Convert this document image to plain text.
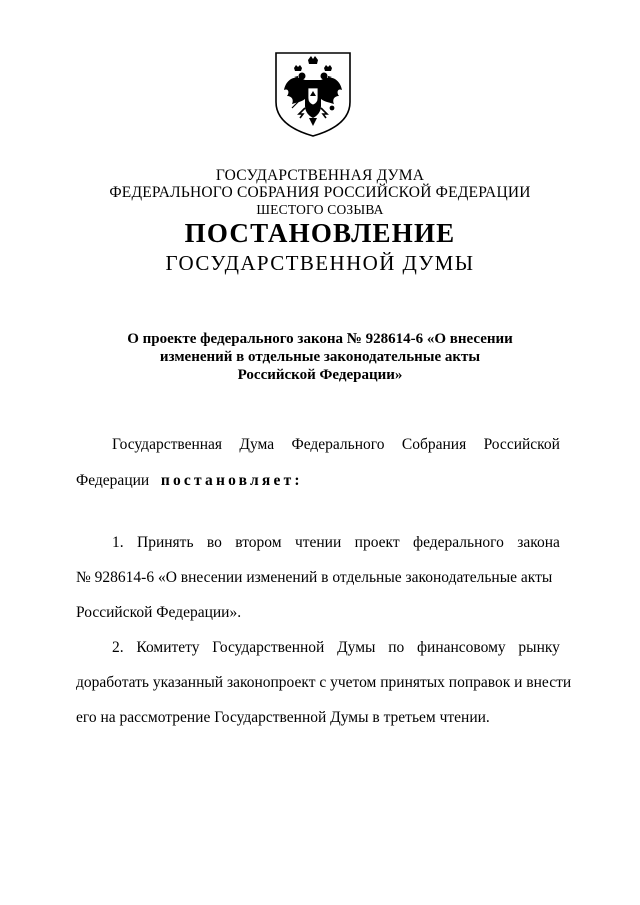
ГОСУДАРСТВЕННАЯ ДУМА
ФЕДЕРАЛЬНОГО СОБРАНИЯ РОССИЙСКОЙ ФЕДЕРАЦИИ
ШЕСТОГО СОЗЫВА
ПОСТАНОВЛЕНИЕ
ГОСУДАРСТВЕННОЙ ДУМЫ
О проекте федерального закона № 928614-6 «О внесении
изменений в отдельные законодательные акты
Российской Федерации»
Государственная Дума Федерального Собрания Российской
Федерации постановляет:
1. Принять во втором чтении проект федерального закона
№ 928614-6 «О внесении изменений в отдельные законодательные акты
Российской Федерации».
2. Комитету Государственной Думы по финансовому рынку
доработать указанный законопроект с учетом принятых поправок и внести
его на рассмотрение Государственной Думы в третьем чтении.
